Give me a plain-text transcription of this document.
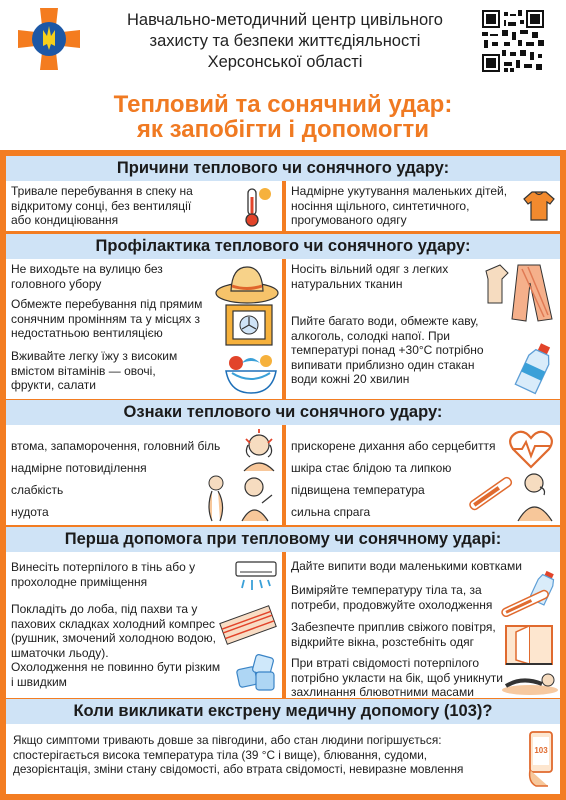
Навчально-методичний центр цивільного
захисту та безпеки життєдіяльності
Херсонської області
Тепловий та сонячний удар:
як запобігти і допомогти
Причини теплового чи сонячного удару:
Тривале перебування в спеку на
відкритому сонці, без вентиляції
або кондиціювання
Надмірне укутування маленьких дітей,
носіння щільного, синтетичного,
прогумованого одягу
Профілактика теплового чи сонячного удару:
Не виходьте на вулицю без
головного убору
Обмежте перебування під прямим
сонячним промінням та у місцях з
недостатньою вентиляцією
Вживайте легку їжу з високим
вмістом вітамінів — овочі,
фрукти, салати
Носіть вільний одяг з легких
натуральних тканин
Пийте багато води, обмежте каву,
алкоголь, солодкі напої. При
температурі понад +30°С потрібно
випивати приблизно один стакан
води кожні 20 хвилин
Ознаки теплового чи сонячного удару:
втома, запаморочення, головний біль
надмірне потовиділення
слабкість
нудота
прискорене дихання або серцебиття
шкіра стає блідою та липкою
підвищена температура
сильна спрага
Перша допомога при тепловому чи сонячному ударі:
Винесіть потерпілого в тінь або у
прохолодне приміщення
Покладіть до лоба, під пахви та у
пахових складках холодний компрес
(рушник, змочений холодною водою,
шматочки льоду).
Охолодження не повинно бути різким
і швидким
Дайте випити води маленькими ковтками
Виміряйте температуру тіла та, за
потреби, продовжуйте охолодження
Забезпечте приплив свіжого повітря,
відкрийте вікна, розстебніть одяг
При втраті свідомості потерпілого
потрібно укласти на бік, щоб уникнути
захлинання блювотними масами
Коли викликати екстрену медичну допомогу (103)?
Якщо симптоми тривають довше за півгодини, або стан людини погіршується:
спостерігається висока температура тіла (39 °С і вище), блювання, судоми,
дезорієнтація, зміни стану свідомості, або втрата свідомості, невиразне мовлення
103
